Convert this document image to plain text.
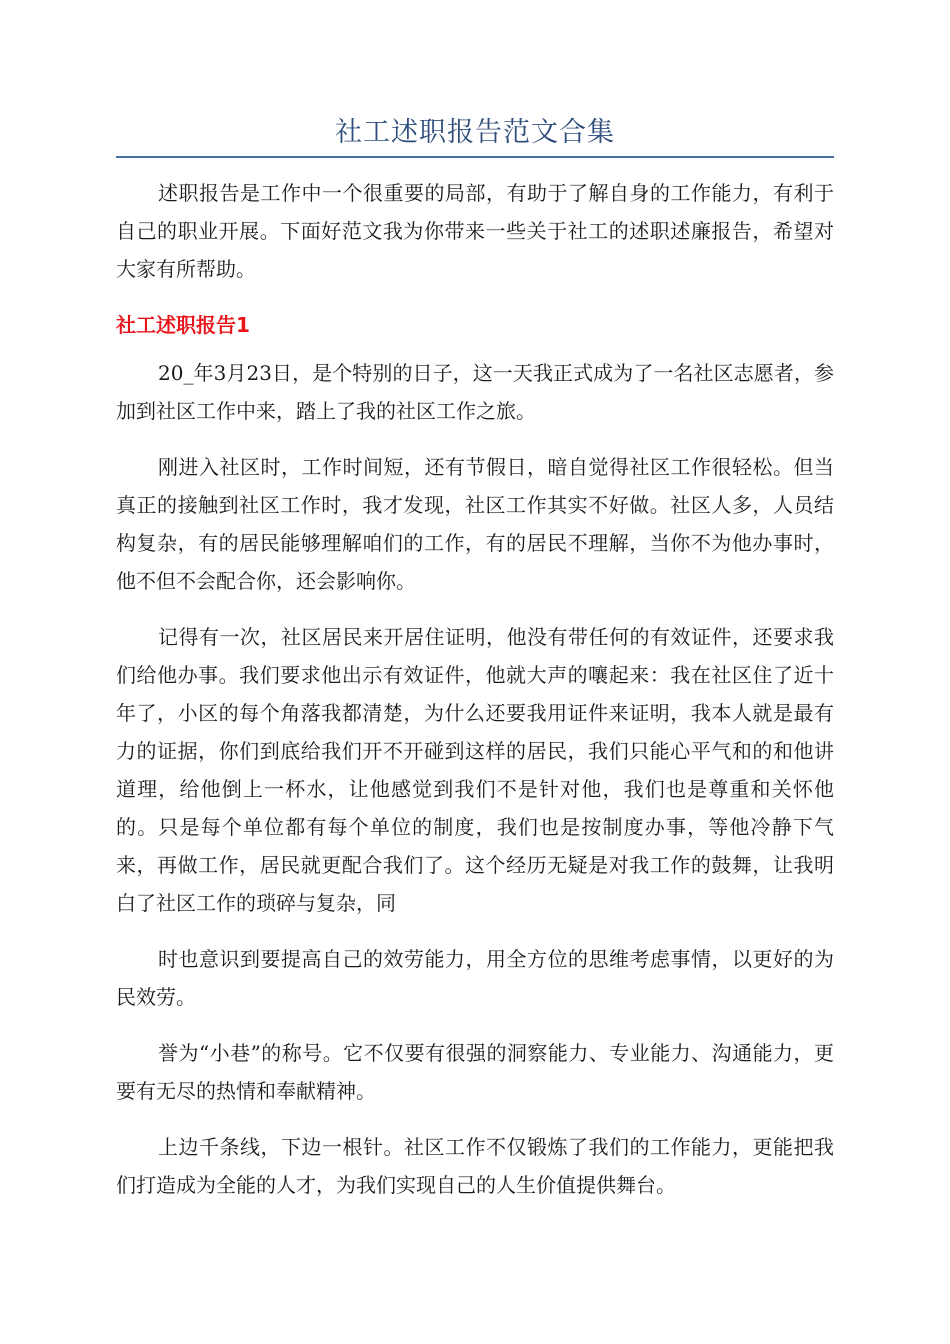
社工述职报告范文合集

述职报告是工作中一个很重要的局部，有助于了解自身的工作能力，有利于自己的职业开展。下面好范文我为你带来一些关于社工的述职述廉报告，希望对大家有所帮助。

社工述职报告1

20_年3月23日，是个特别的日子，这一天我正式成为了一名社区志愿者，参加到社区工作中来，踏上了我的社区工作之旅。

刚进入社区时，工作时间短，还有节假日，暗自觉得社区工作很轻松。但当真正的接触到社区工作时，我才发现，社区工作其实不好做。社区人多，人员结构复杂，有的居民能够理解咱们的工作，有的居民不理解，当你不为他办事时，他不但不会配合你，还会影响你。

记得有一次，社区居民来开居住证明，他没有带任何的有效证件，还要求我们给他办事。我们要求他出示有效证件，他就大声的嚷起来：我在社区住了近十年了，小区的每个角落我都清楚，为什么还要我用证件来证明，我本人就是最有力的证据，你们到底给我们开不开碰到这样的居民，我们只能心平气和的和他讲道理，给他倒上一杯水，让他感觉到我们不是针对他，我们也是尊重和关怀他的。只是每个单位都有每个单位的制度，我们也是按制度办事，等他冷静下气来，再做工作，居民就更配合我们了。这个经历无疑是对我工作的鼓舞，让我明白了社区工作的琐碎与复杂，同

时也意识到要提高自己的效劳能力，用全方位的思维考虑事情，以更好的为民效劳。

誉为“小巷”的称号。它不仅要有很强的洞察能力、专业能力、沟通能力，更要有无尽的热情和奉献精神。

上边千条线，下边一根针。社区工作不仅锻炼了我们的工作能力，更能把我们打造成为全能的人才，为我们实现自己的人生价值提供舞台。
